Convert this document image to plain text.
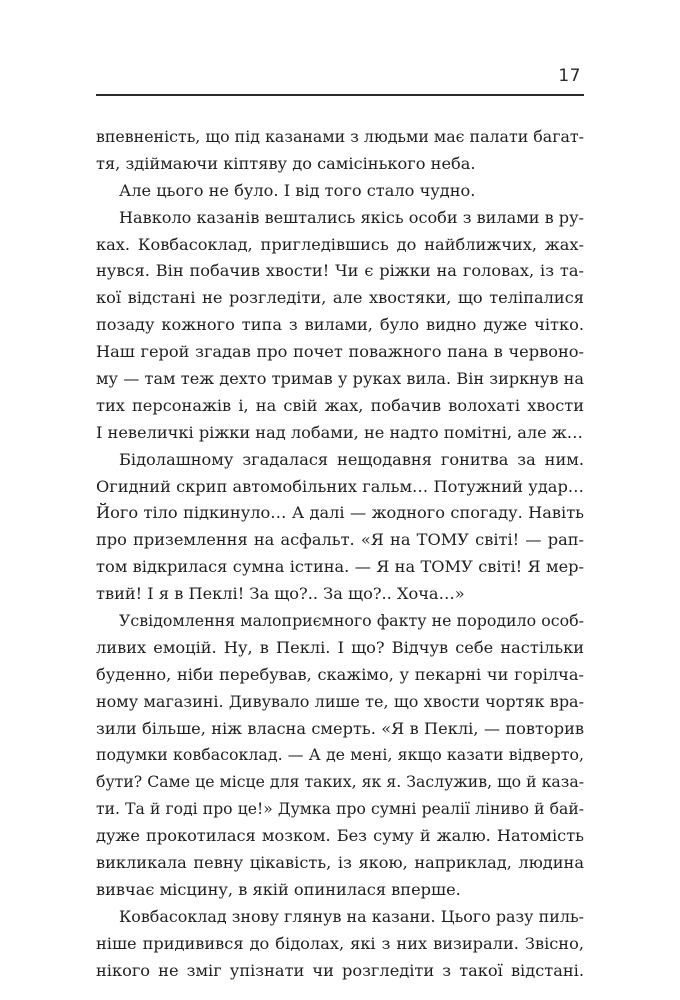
17
впевненість, що під казанами з людьми має палати багат-
тя, здіймаючи кіптяву до самісінького неба.
Але цього не було. І від того стало чудно.
Навколо казанів вешталиcь якісь особи з вилами в ру-
ках. Ковбасоклад, пригледівшись до найближчих, жах-
нувся. Він побачив хвости! Чи є ріжки на головах, із та-
кої відстані не розгледіти, але хвостяки, що теліпалися
позаду кожного типа з вилами, було видно дуже чітко.
Наш герой згадав про почет поважного пана в червоно-
му — там теж дехто тримав у руках вила. Він зиркнув на
тих персонажів і, на свій жах, побачив волохаті хвости
І невеличкі ріжки над лобами, не надто помітні, але ж…
Бідолашному згадалася нещодавня гонитва за ним.
Огидний скрип автомобільних гальм… Потужний удар…
Його тіло підкинуло… А далі — жодного спогаду. Навіть
про приземлення на асфальт. «Я на ТОМУ світі! — рап-
том відкрилася сумна істина. — Я на ТОМУ світі! Я мер-
твий! І я в Пеклі! За що?.. За що?.. Хоча…»
Усвідомлення малоприємного факту не породило особ-
ливих емоцій. Ну, в Пеклі. І що? Відчув себе настільки
буденно, ніби перебував, скажімо, у пекарні чи горілча-
ному магазині. Дивувало лише те, що хвости чортяк вра-
зили більше, ніж власна смерть. «Я в Пеклі, — повторив
подумки ковбасоклад. — А де мені, якщо казати відверто,
бути? Саме це місце для таких, як я. Заслужив, що й каза-
ти. Та й годі про це!» Думка про сумні реалії ліниво й бай-
дуже прокотилася мозком. Без суму й жалю. Натомість
викликала певну цікавість, із якою, наприклад, людина
вивчає місцину, в якій опинилася вперше.
Ковбасоклад знову глянув на казани. Цього разу пиль-
ніше придивився до бідолах, які з них визирали. Звісно,
нікого не зміг упізнати чи розгледіти з такої відстані.
